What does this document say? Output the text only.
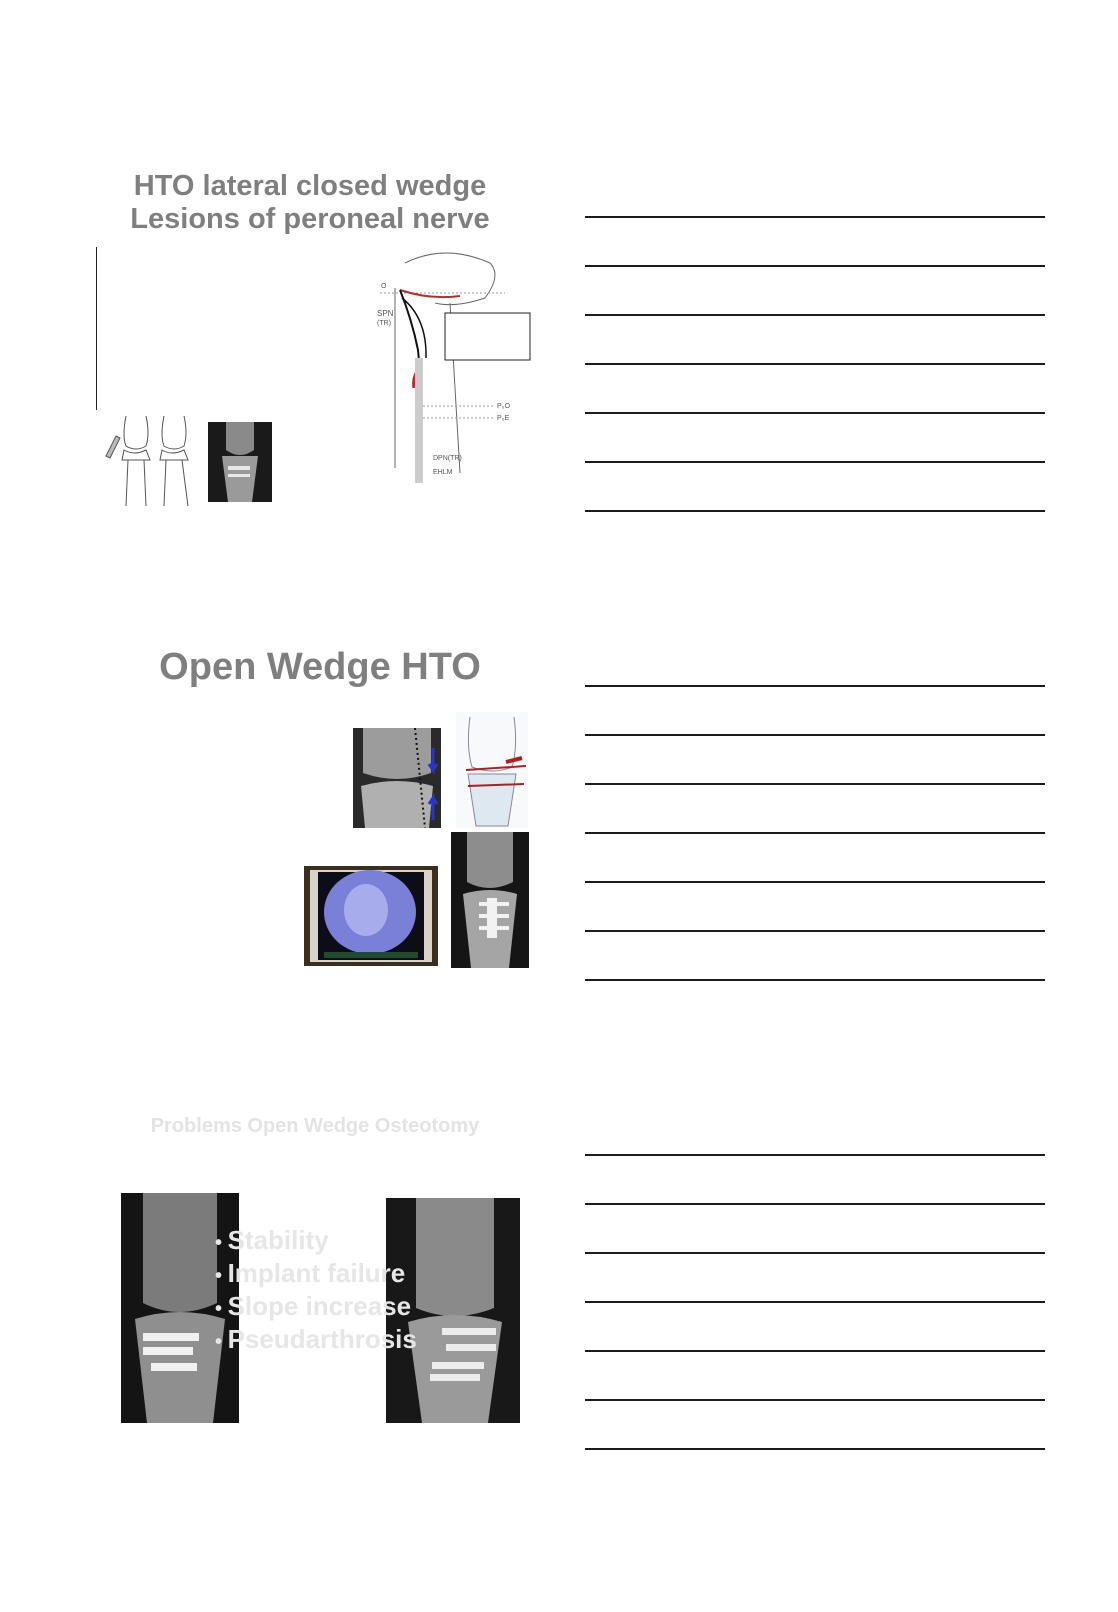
HTO lateral closed wedge
Lesions of peroneal nerve
O
SPN
(TR)
P₀O
P₀E
DPN(TR)
EHLM
Open Wedge HTO
Problems Open Wedge Osteotomy
• Stability
• Implant failure
• Slope increase
• Pseudarthrosis
